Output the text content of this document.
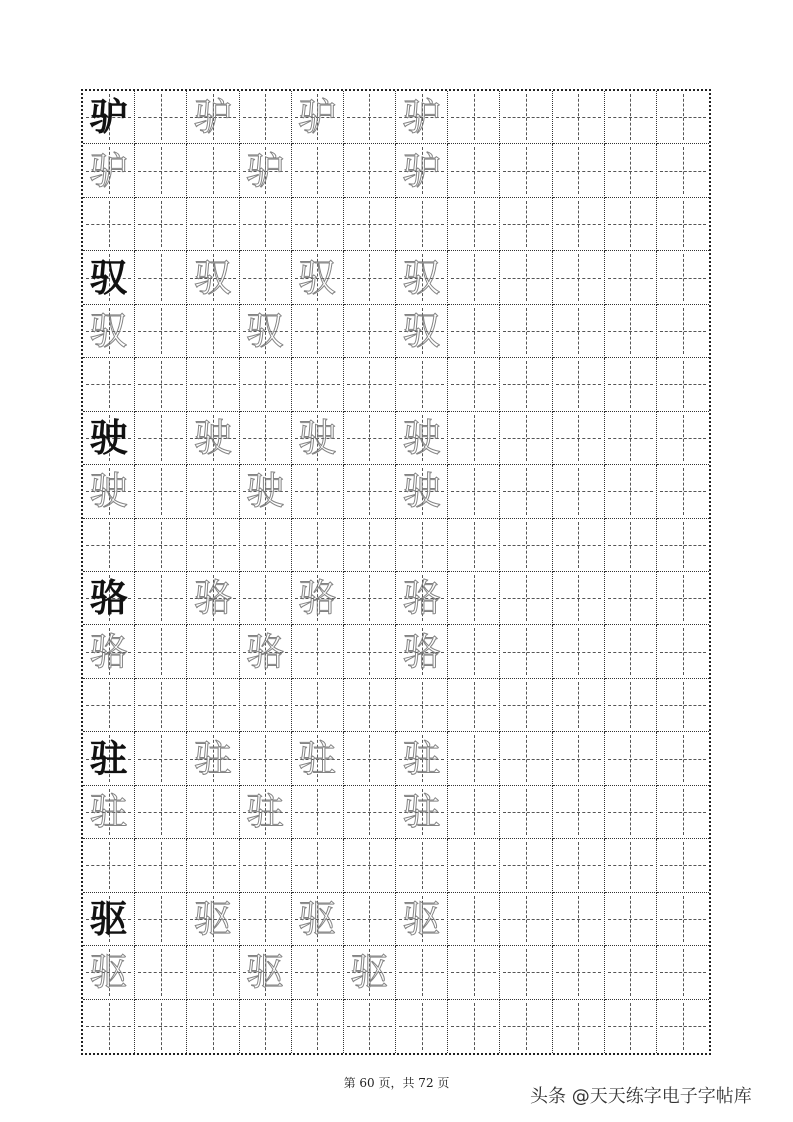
驴 驴 驴 驴
驴	驴	驴
驭 驭 驭 驭
驭	驭	驭
驶 驶 驶 驶
驶	驶	驶
骆 骆 骆 骆
骆	骆	骆
驻 驻 驻 驻
驻	驻	驻
驱 驱 驱 驱
驱	驱 驱
第 60 页，共 72 页
头条 @天天练字电子字帖库
